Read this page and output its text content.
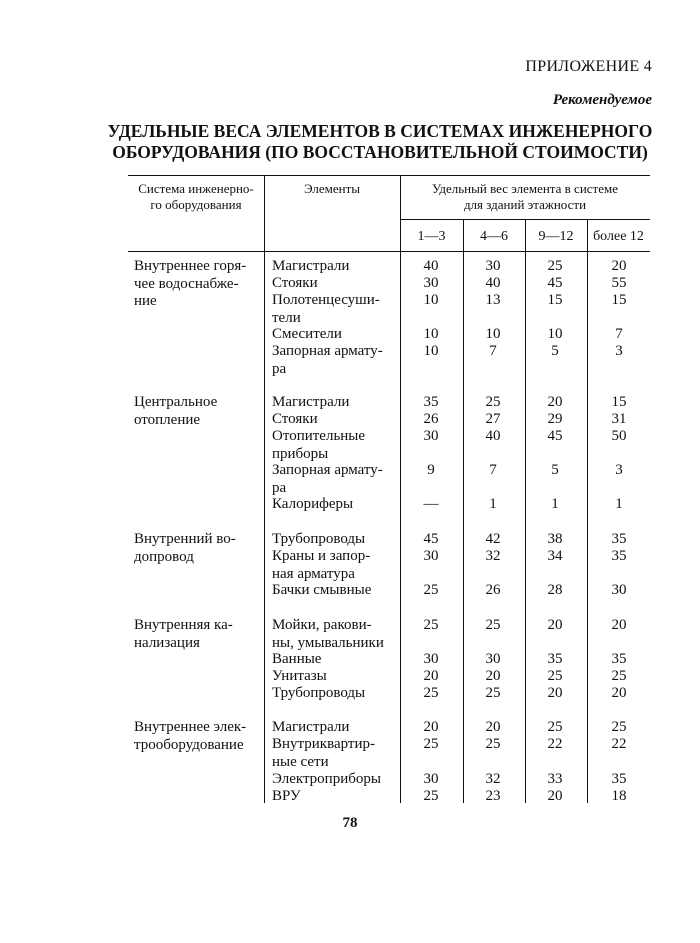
ПРИЛОЖЕНИЕ 4
Рекомендуемое
УДЕЛЬНЫЕ ВЕСА ЭЛЕМЕНТОВ В СИСТЕМАХ ИНЖЕНЕРНОГО
ОБОРУДОВАНИЯ (ПО ВОССТАНОВИТЕЛЬНОЙ СТОИМОСТИ)
Система инженерно-
го оборудования
Элементы	Удельный вес элемента в системе
для зданий этажности
1—3	4—6	9—12	более 12
Внутреннее горя-
чее водоснабже-
ние
Магистрали	40	30	25	20
Стояки	30	40	45	55
Полотенцесуши-
тели
10	13	15	15
Смесители	10	10	10	7
Запорная армату-
ра
10	7	5	3
Центральное
отопление
Магистрали	35	25	20	15
Стояки	26	27	29	31
Отопительные
приборы
30	40	45	50
Запорная армату-
ра
9	7	5	3
Калориферы	—	1	1	1
Внутренний во-
допровод
Трубопроводы	45	42	38	35
Краны и запор-
ная арматура
30	32	34	35
Бачки смывные	25	26	28	30
Внутренняя ка-
нализация
Мойки, ракови-
ны, умывальники
25	25	20	20
Ванные	30	30	35	35
Унитазы	20	20	25	25
Трубопроводы	25	25	20	20
Внутреннее элек-
трооборудование
Магистрали	20	20	25	25
Внутриквартир-
ные сети
25	25	22	22
Электроприборы	30	32	33	35
ВРУ	25	23	20	18
78
